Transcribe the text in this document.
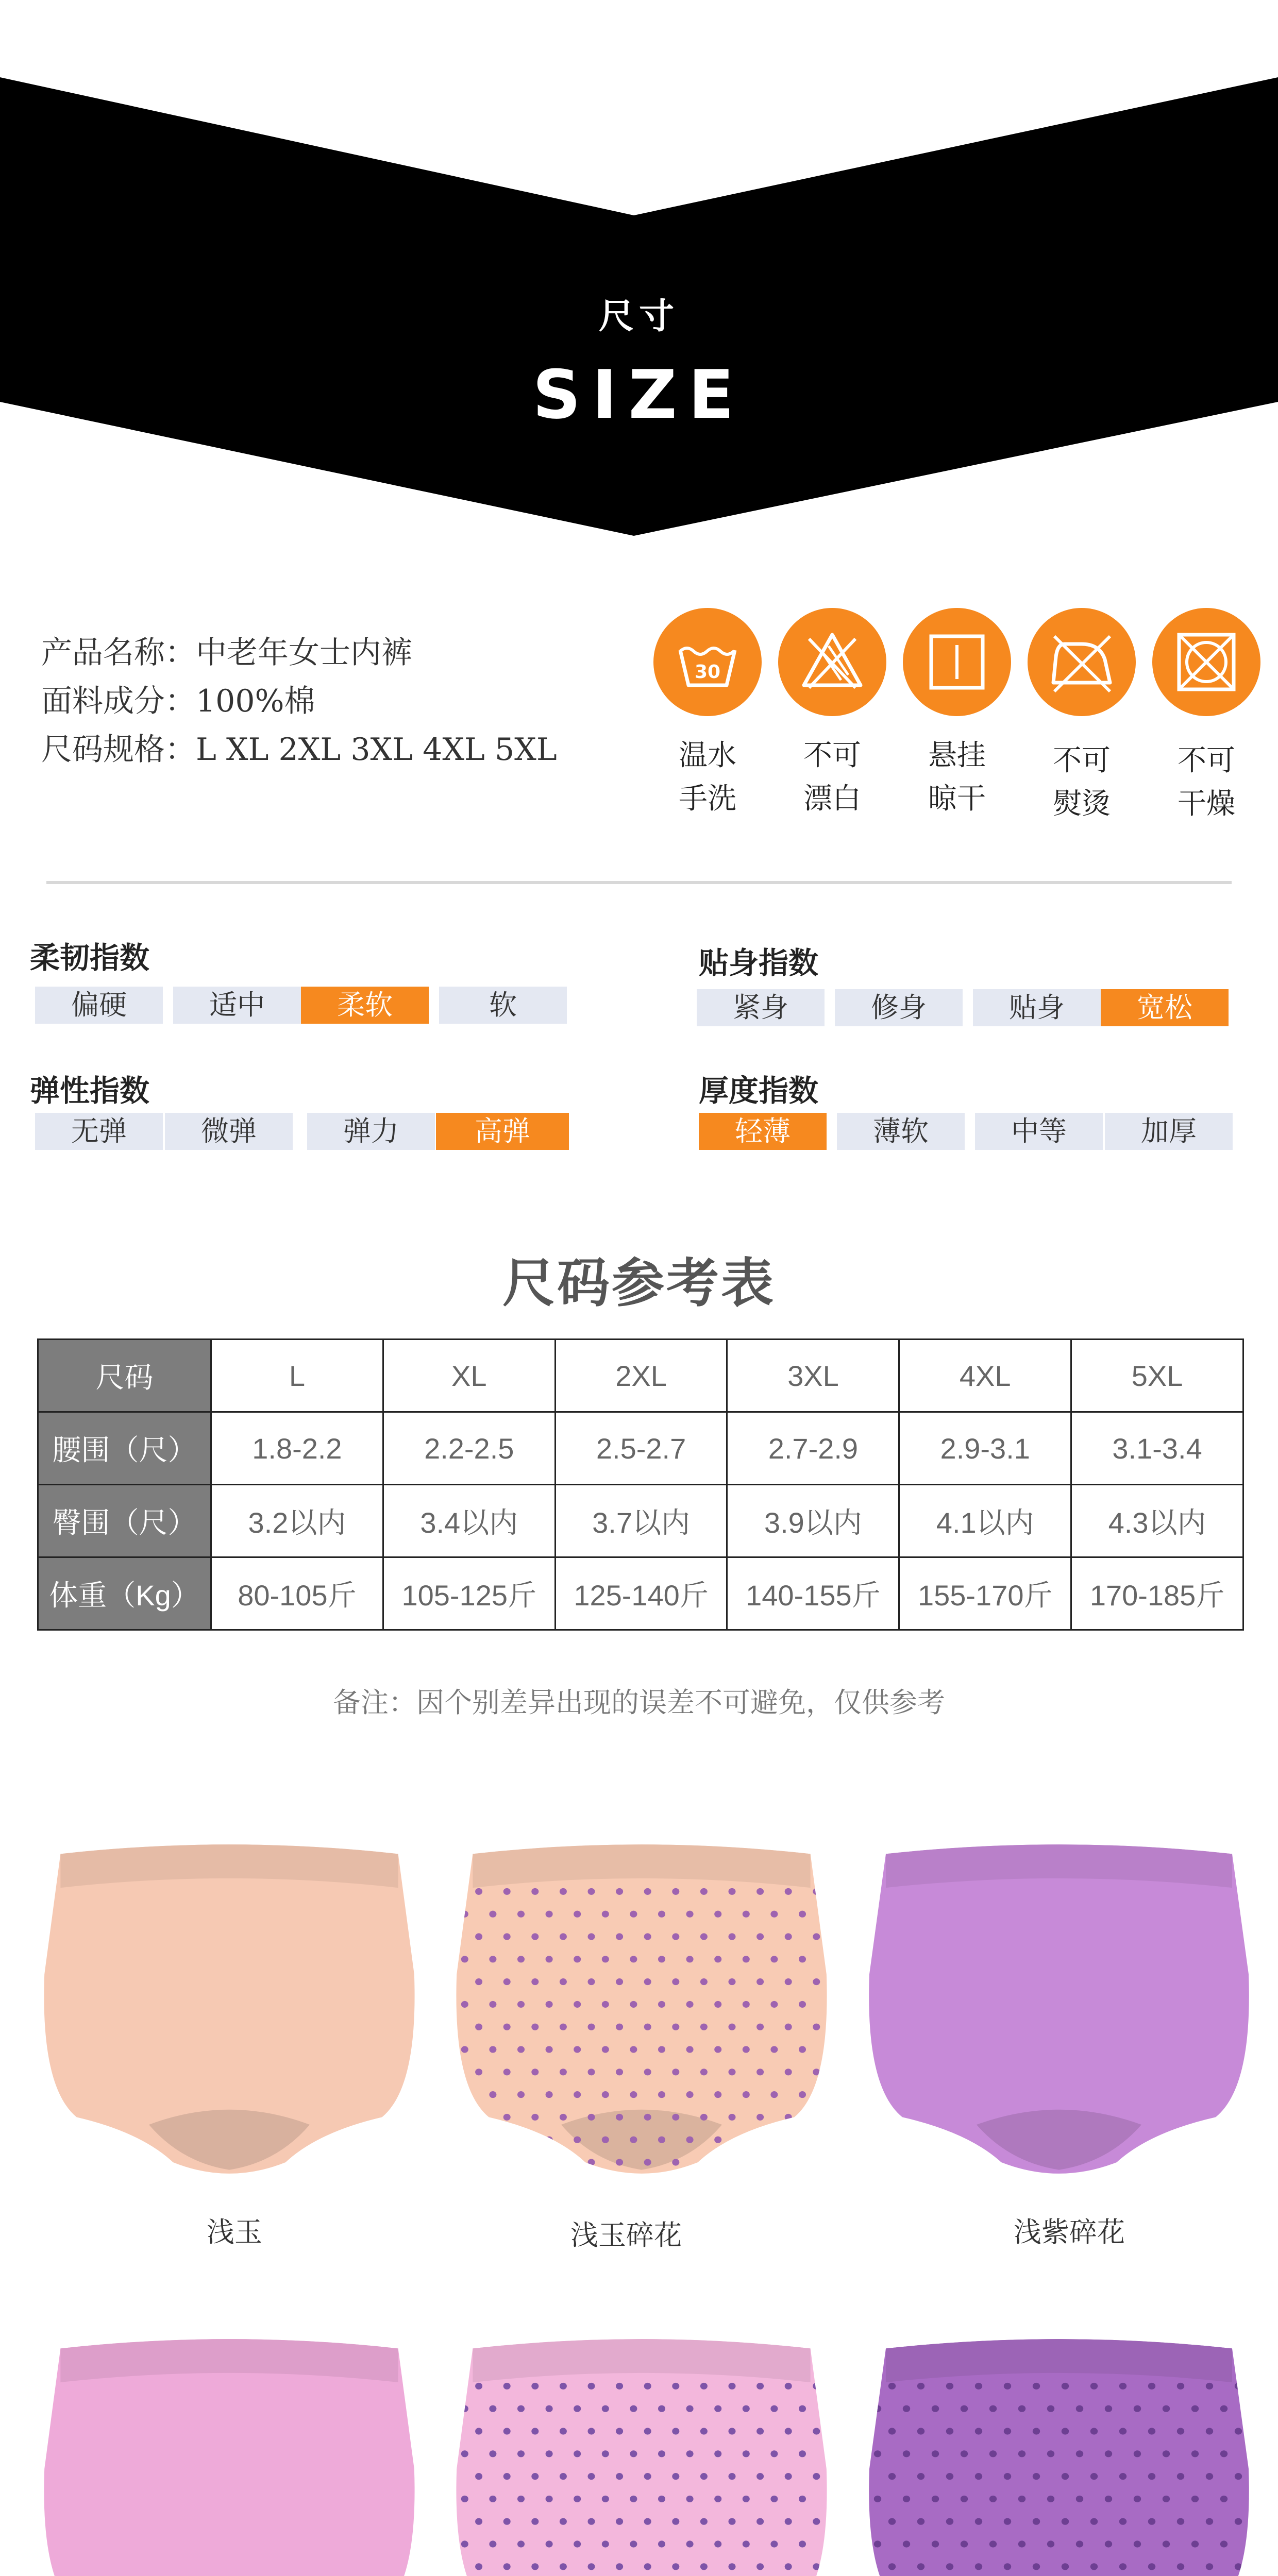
尺寸
SIZE
产品名称：中老年女士内裤
面料成分：100%棉
尺码规格：L XL 2XL 3XL 4XL 5XL
30
温水
手洗
不可
漂白
悬挂
晾干
不可
熨烫
不可
干燥
柔韧指数
偏硬	适中	柔软	软
贴身指数
紧身	修身	贴身	宽松
弹性指数
无弹	微弹	弹力	高弹
厚度指数
轻薄	薄软	中等	加厚
尺码参考表
尺码	L	XL	2XL	3XL	4XL	5XL
腰围（尺）	1.8-2.2	2.2-2.5	2.5-2.7	2.7-2.9	2.9-3.1	3.1-3.4
臀围（尺）	3.2以内	3.4以内	3.7以内	3.9以内	4.1以内	4.3以内
体重（Kg）	80-105斤	105-125斤	125-140斤	140-155斤	155-170斤	170-185斤
备注：因个别差异出现的误差不可避免，仅供参考
浅玉	浅玉碎花	浅紫碎花
